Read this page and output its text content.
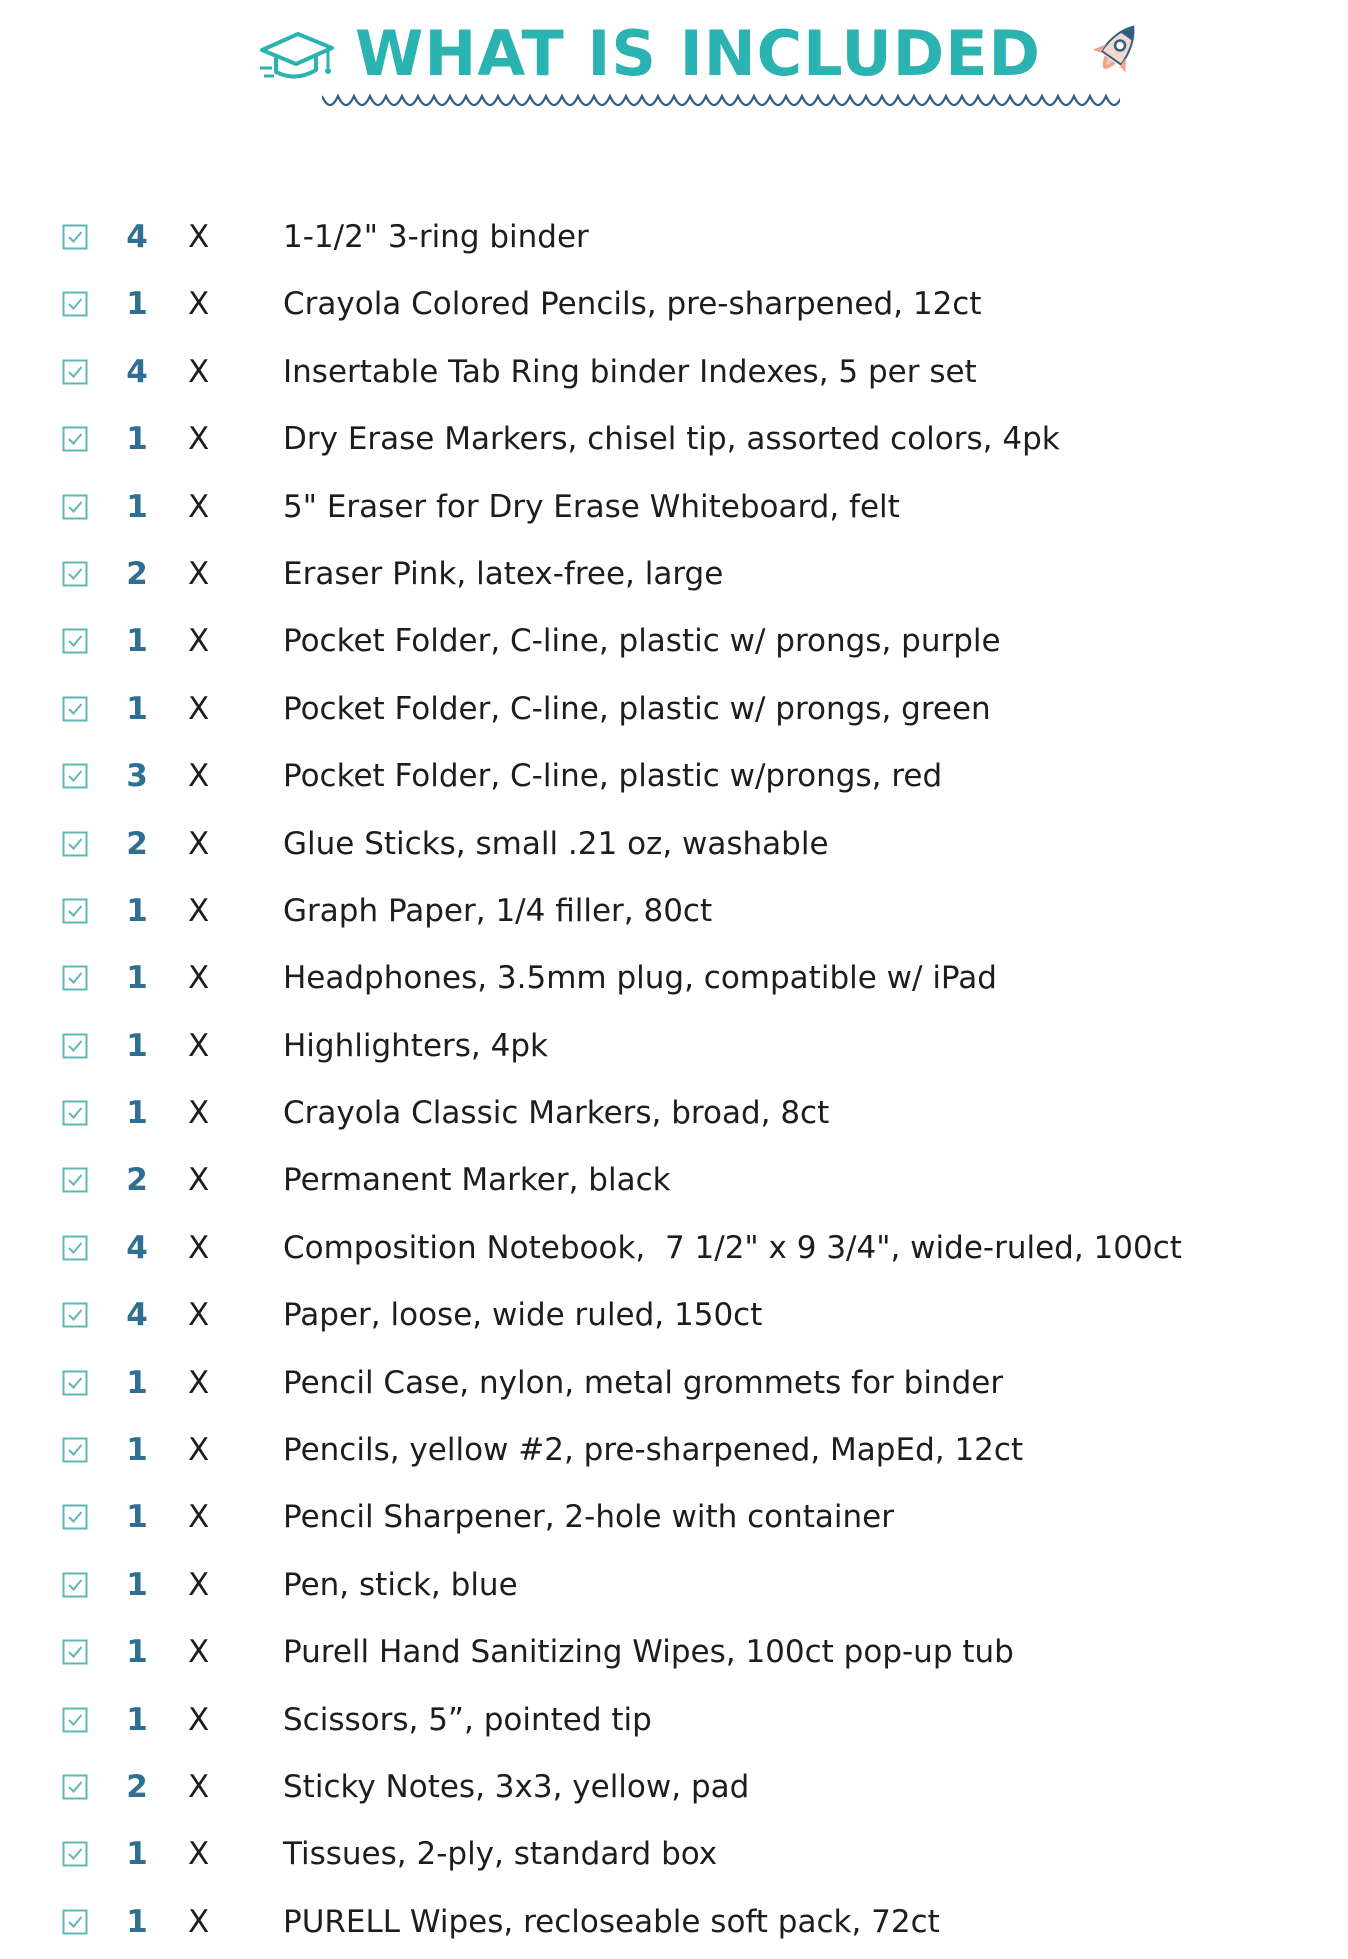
WHAT IS INCLUDED
4 X 1-1/2" 3-ring binder
1 X Crayola Colored Pencils, pre-sharpened, 12ct
4 X Insertable Tab Ring binder Indexes, 5 per set
1 X Dry Erase Markers, chisel tip, assorted colors, 4pk
1 X 5" Eraser for Dry Erase Whiteboard, felt
2 X Eraser Pink, latex-free, large
1 X Pocket Folder, C-line, plastic w/ prongs, purple
1 X Pocket Folder, C-line, plastic w/ prongs, green
3 X Pocket Folder, C-line, plastic w/prongs, red
2 X Glue Sticks, small .21 oz, washable
1 X Graph Paper, 1/4 filler, 80ct
1 X Headphones, 3.5mm plug, compatible w/ iPad
1 X Highlighters, 4pk
1 X Crayola Classic Markers, broad, 8ct
2 X Permanent Marker, black
4 X Composition Notebook,  7 1/2" x 9 3/4", wide-ruled, 100ct
4 X Paper, loose, wide ruled, 150ct
1 X Pencil Case, nylon, metal grommets for binder
1 X Pencils, yellow #2, pre-sharpened, MapEd, 12ct
1 X Pencil Sharpener, 2-hole with container
1 X Pen, stick, blue
1 X Purell Hand Sanitizing Wipes, 100ct pop-up tub
1 X Scissors, 5”, pointed tip
2 X Sticky Notes, 3x3, yellow, pad
1 X Tissues, 2-ply, standard box
1 X PURELL Wipes, recloseable soft pack, 72ct
